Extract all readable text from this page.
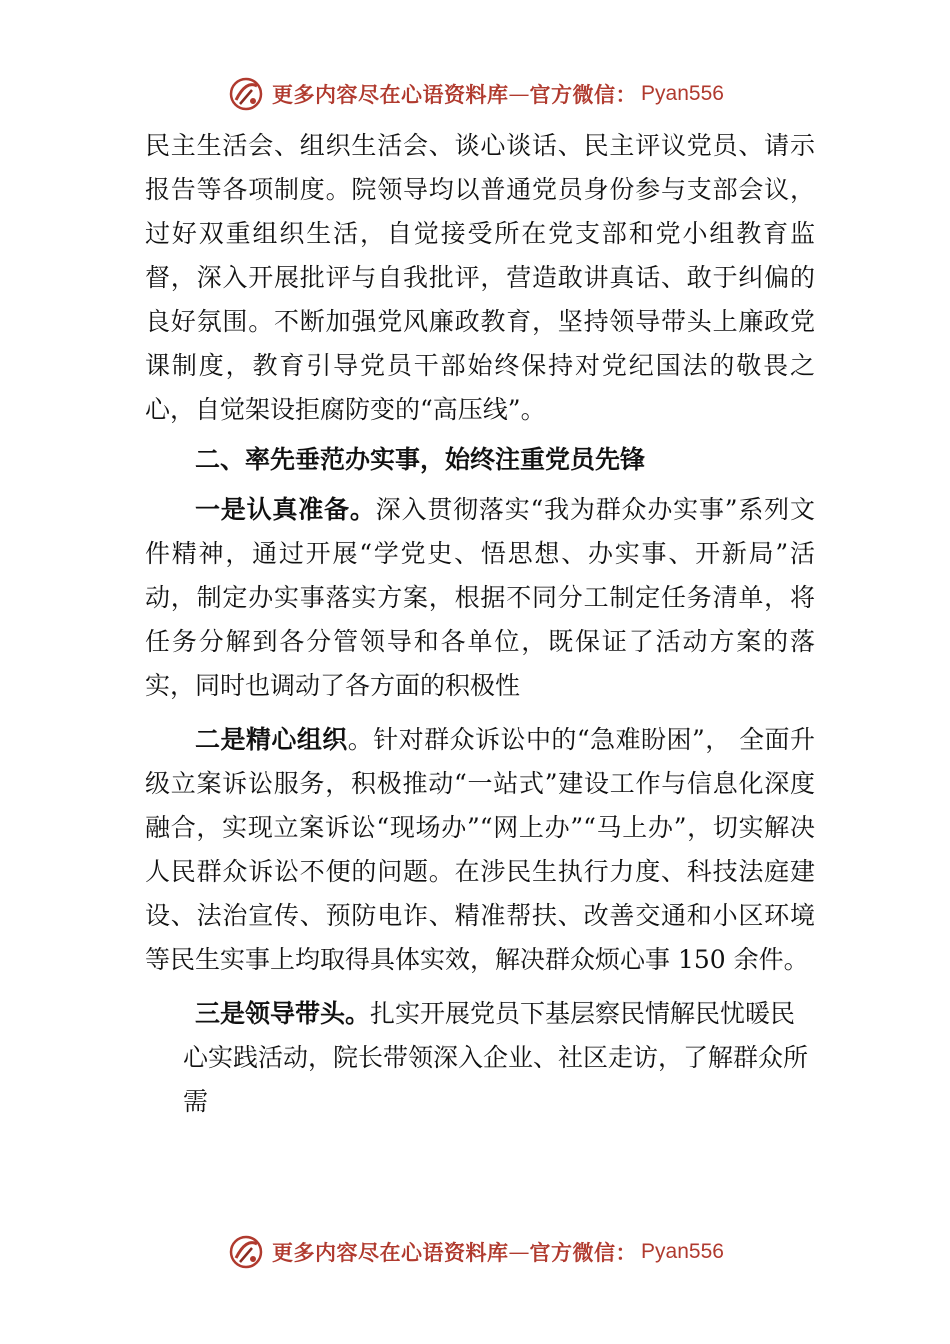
更多内容尽在心语资料库 — 官方微信： Pyan556

民主生活会、组织生活会、谈心谈话、民主评议党员、请示报告等各项制度。院领导均以普通党员身份参与支部会议， 过好双重组织生活，自觉接受所在党支部和党小组教育监督，深入开展批评与自我批评，营造敢讲真话、敢于纠偏的良好氛围。不断加强党风廉政教育，坚持领导带头上廉政党课制度，教育引导党员干部始终保持对党纪国法的敬畏之心，自觉架设拒腐防变的“高压线”。

二、率先垂范办实事，始终注重党员先锋

一是认真准备。深入贯彻落实“我为群众办实事”系列文件精神，通过开展“学党史、悟思想、办实事、开新局”活动，制定办实事落实方案，根据不同分工制定任务清单，将任务分解到各分管领导和各单位，既保证了活动方案的落实，同时也调动了各方面的积极性

二是精心组织。针对群众诉讼中的“急难盼困”， 全面升级立案诉讼服务，积极推动“一站式”建设工作与信息化深度融合，实现立案诉讼“现场办”“网上办”“马上办”，切实解决人民群众诉讼不便的问题。在涉民生执行力度、科技法庭建设、法治宣传、预防电诈、精准帮扶、改善交通和小区环境等民生实事上均取得具体实效，解决群众烦心事 150 余件。

三是领导带头。扎实开展党员下基层察民情解民忧暖民

心实践活动，院长带领深入企业、社区走访，了解群众所需

更多内容尽在心语资料库 — 官方微信： Pyan556
